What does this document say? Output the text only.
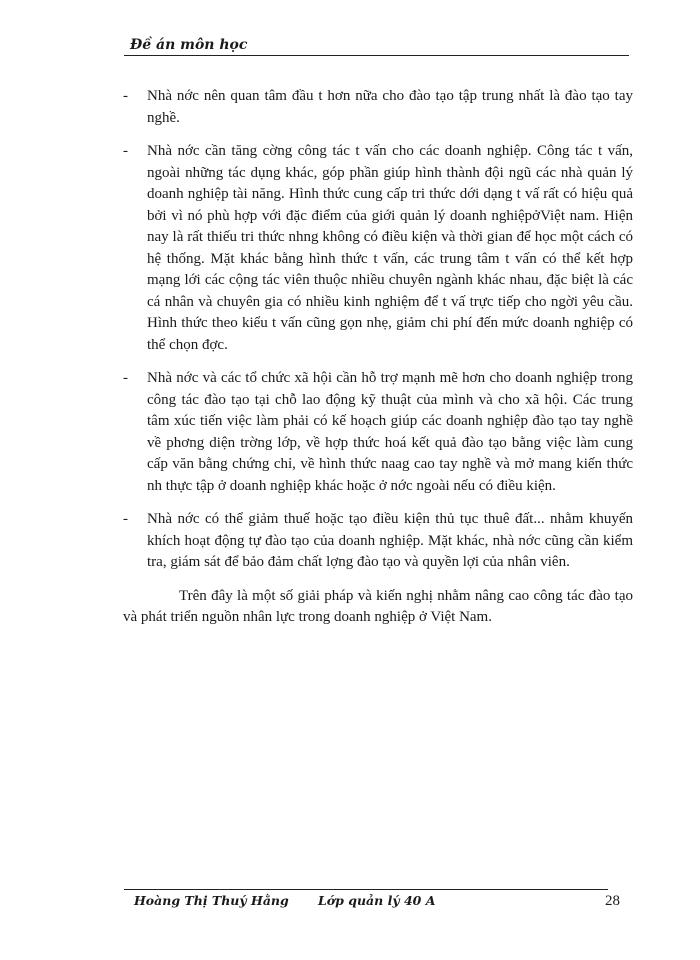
Đề án môn học
- Nhà nớc nên quan tâm đầu t hơn nữa cho đào tạo tập trung nhất là đào tạo tay nghề.
- Nhà nớc cần tăng cờng công tác t vấn cho các doanh nghiệp. Công tác t vấn, ngoài những tác dụng khác, góp phần giúp hình thành đội ngũ các nhà quản lý doanh nghiệp tài năng. Hình thức cung cấp tri thức dới dạng t vấ rất có hiệu quả bởi vì nó phù hợp với đặc điểm của giới quản lý doanh nghiệpởViệt nam. Hiện nay là rất thiếu tri thức nhng không có điều kiện và thời gian để học một cách có hệ thống. Mặt khác bằng hình thức t vấn, các trung tâm t vấn có thể kết hợp mạng lới các cộng tác viên thuộc nhiều chuyên ngành khác nhau, đặc biệt là các cá nhân và chuyên gia có nhiều kinh nghiệm để t vấ trực tiếp cho ngời yêu cầu. Hình thức theo kiểu t vấn cũng gọn nhẹ, giảm chi phí đến mức doanh nghiệp có thể chọn đợc.
- Nhà nớc và các tổ chức xã hội cần hỗ trợ mạnh mẽ hơn cho doanh nghiệp trong công tác đào tạo tại chỗ lao động kỹ thuật của mình và cho xã hội. Các trung tâm xúc tiến việc làm phải có kế hoạch giúp các doanh nghiệp đào tạo tay nghề về phơng diện trờng lớp, về hợp thức hoá kết quả đào tạo bằng việc làm cung cấp văn bằng chứng chỉ, về hình thức naag cao tay nghề và mở mang kiến thức nh thực tập ở doanh nghiệp khác hoặc ở nớc ngoài nếu có điều kiện.
- Nhà nớc có thể giảm thuế hoặc tạo điều kiện thủ tục thuê đất... nhằm khuyến khích hoạt động tự đào tạo của doanh nghiệp. Mặt khác, nhà nớc cũng cần kiểm tra, giám sát để bảo đảm chất lợng đào tạo và quyền lợi của nhân viên.
Trên đây là một số giải pháp và kiến nghị nhằm nâng cao công tác đào tạo và phát triển nguồn nhân lực trong doanh nghiệp ở Việt Nam.
Hoàng Thị Thuý Hằng Lớp quản lý 40 A	28
